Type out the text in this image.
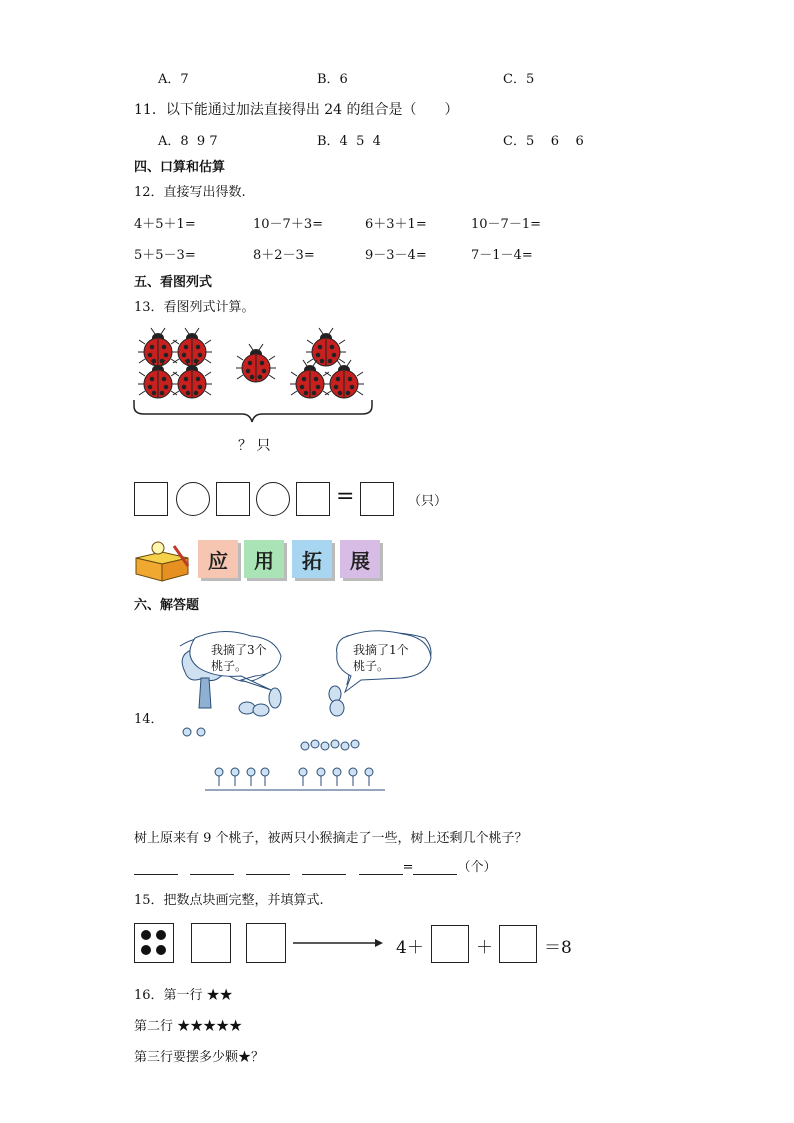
A．7	B．6	C．5
11．以下能通过加法直接得出 24 的组合是（　　）
A．8  9 7	B．4  5  4	C．5    6    6
四、口算和估算
12．直接写出得数.
4＋5＋1=	10－7＋3=	6＋3＋1=	10－7－1=
5＋5－3=	8＋2－3=	9－3－4=	7－1－4=
五、看图列式
13．看图列式计算。
？ 只
=	（只）
应	用	拓	展
六、解答题
14．
我摘了3个
桃子。
我摘了1个
桃子。
树上原来有 9 个桃子，被两只小猴摘走了一些，树上还剩几个桃子？
=	（个）
15．把数点块画完整，并填算式.
4＋	＋	＝8
16．第一行 ★★
第二行 ★★★★★
第三行要摆多少颗★？
